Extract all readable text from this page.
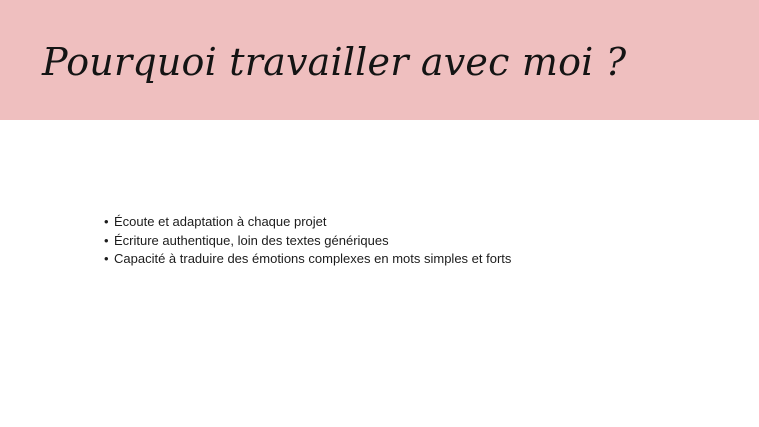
Pourquoi travailler avec moi ?
• Écoute et adaptation à chaque projet
• Écriture authentique, loin des textes génériques
• Capacité à traduire des émotions complexes en mots simples et forts
